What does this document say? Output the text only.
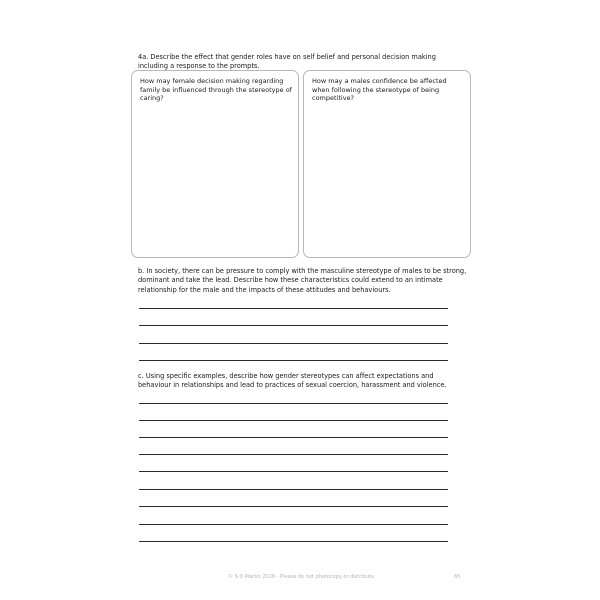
4a. Describe the effect that gender roles have on self belief and personal decision making including a response to the prompts.

How may female decision making regarding family be influenced through the stereotype of caring?

How may a males confidence be affected when following the stereotype of being competitive?

b. In society, there can be pressure to comply with the masculine stereotype of males to be strong, dominant and take the lead. Describe how these characteristics could extend to an intimate relationship for the male and the impacts of these attitudes and behaviours.

c. Using specific examples, describe how gender stereotypes can affect expectations and behaviour in relationships and lead to practices of sexual coercion, harassment and violence.

© S D Martin 2026 - Please do not photocopy or distribute	65
